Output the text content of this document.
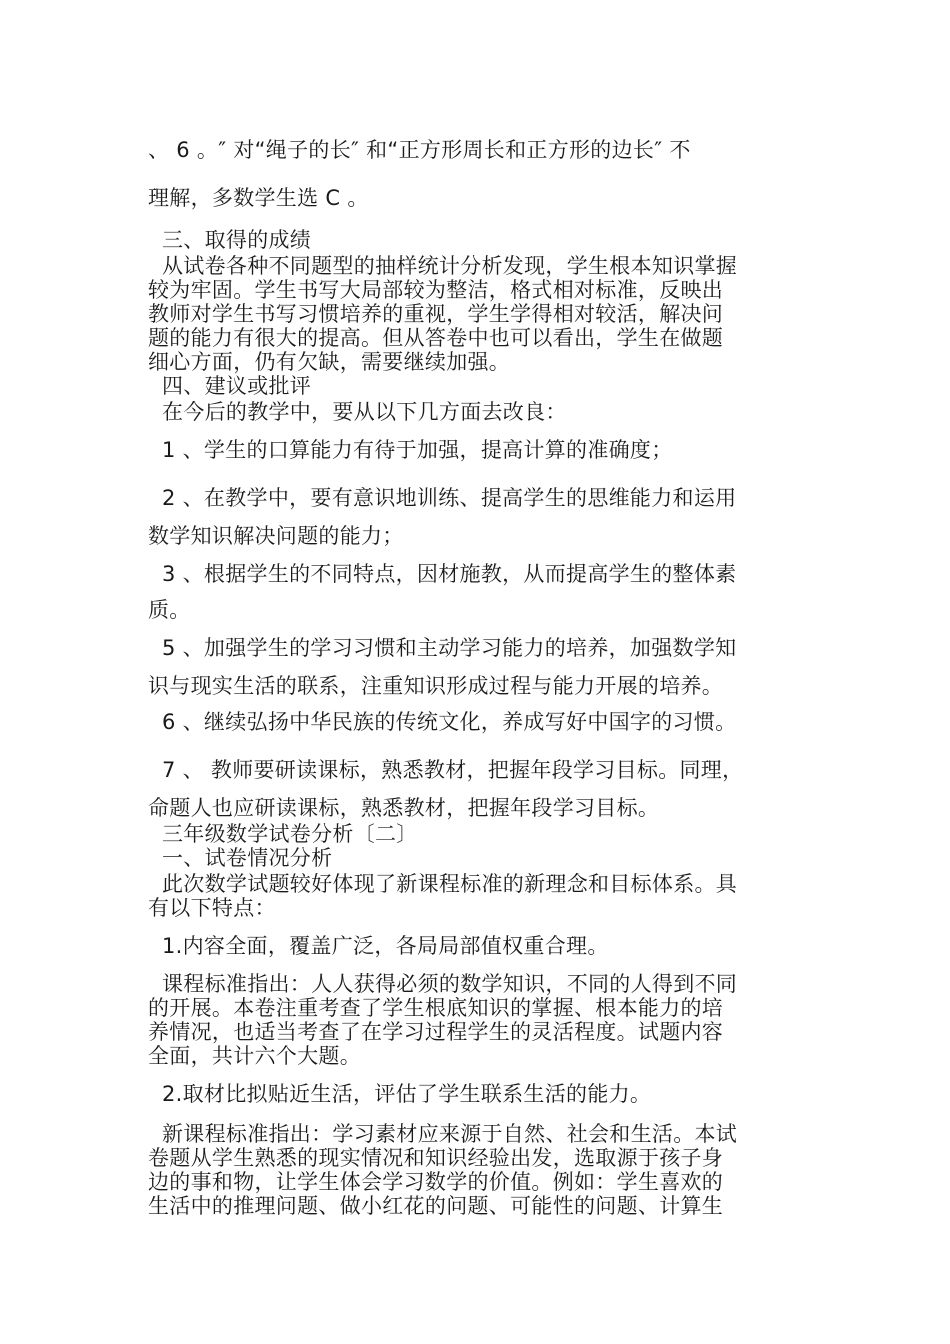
、 6 。″ 对“绳子的长″ 和“正方形周长和正方形的边长″ 不
理解，多数学生选 C 。
三、取得的成绩
从试卷各种不同题型的抽样统计分析发现，学生根本知识掌握
较为牢固。学生书写大局部较为整洁，格式相对标准，反映出
教师对学生书写习惯培养的重视，学生学得相对较活，解决问
题的能力有很大的提高。但从答卷中也可以看出，学生在做题
细心方面，仍有欠缺，需要继续加强。
四、建议或批评
在今后的教学中，要从以下几方面去改良：
1 、学生的口算能力有待于加强，提高计算的准确度；
2 、在教学中，要有意识地训练、提高学生的思维能力和运用
数学知识解决问题的能力；
3 、根据学生的不同特点，因材施教，从而提高学生的整体素
质。
5 、加强学生的学习习惯和主动学习能力的培养，加强数学知
识与现实生活的联系，注重知识形成过程与能力开展的培养。
6 、继续弘扬中华民族的传统文化，养成写好中国字的习惯。
7 、 教师要研读课标，熟悉教材，把握年段学习目标。同理，
命题人也应研读课标，熟悉教材，把握年段学习目标。
三年级数学试卷分析〔二〕
一、试卷情况分析
此次数学试题较好体现了新课程标准的新理念和目标体系。具
有以下特点：
1.内容全面，覆盖广泛，各局局部值权重合理。
课程标准指出：人人获得必须的数学知识，不同的人得到不同
的开展。本卷注重考查了学生根底知识的掌握、根本能力的培
养情况，也适当考查了在学习过程学生的灵活程度。试题内容
全面，共计六个大题。
2.取材比拟贴近生活，评估了学生联系生活的能力。
新课程标准指出：学习素材应来源于自然、社会和生活。本试
卷题从学生熟悉的现实情况和知识经验出发，选取源于孩子身
边的事和物，让学生体会学习数学的价值。例如：学生喜欢的
生活中的推理问题、做小红花的问题、可能性的问题、计算生
